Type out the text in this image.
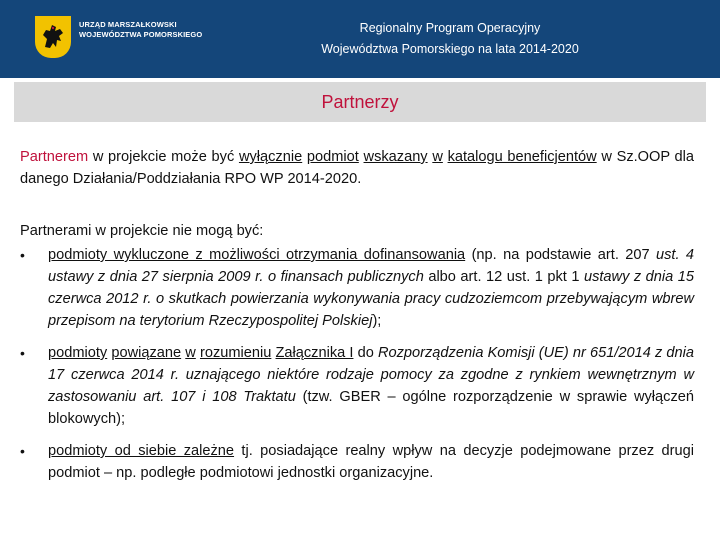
URZĄD MARSZAŁKOWSKI
WOJEWÓDZTWA POMORSKIEGO	Regionalny Program Operacyjny
Województwa Pomorskiego na lata 2014-2020
Partnerzy

Partnerem w projekcie może być wyłącznie podmiot wskazany w katalogu beneficjentów w Sz.OOP dla danego Działania/Poddziałania RPO WP 2014-2020.

Partnerami w projekcie nie mogą być:

•	podmioty wykluczone z możliwości otrzymania dofinansowania (np. na podstawie art. 207 ust. 4 ustawy z dnia 27 sierpnia 2009 r. o finansach publicznych albo art. 12 ust. 1 pkt 1 ustawy z dnia 15 czerwca 2012 r. o skutkach powierzania wykonywania pracy cudzoziemcom przebywającym wbrew przepisom na terytorium Rzeczypospolitej Polskiej);
•	podmioty powiązane w rozumieniu Załącznika I do Rozporządzenia Komisji (UE) nr 651/2014 z dnia 17 czerwca 2014 r. uznającego niektóre rodzaje pomocy za zgodne z rynkiem wewnętrznym w zastosowaniu art. 107 i 108 Traktatu (tzw. GBER – ogólne rozporządzenie w sprawie wyłączeń blokowych);
•	podmioty od siebie zależne tj. posiadające realny wpływ na decyzje podejmowane przez drugi podmiot – np. podległe podmiotowi jednostki organizacyjne.
